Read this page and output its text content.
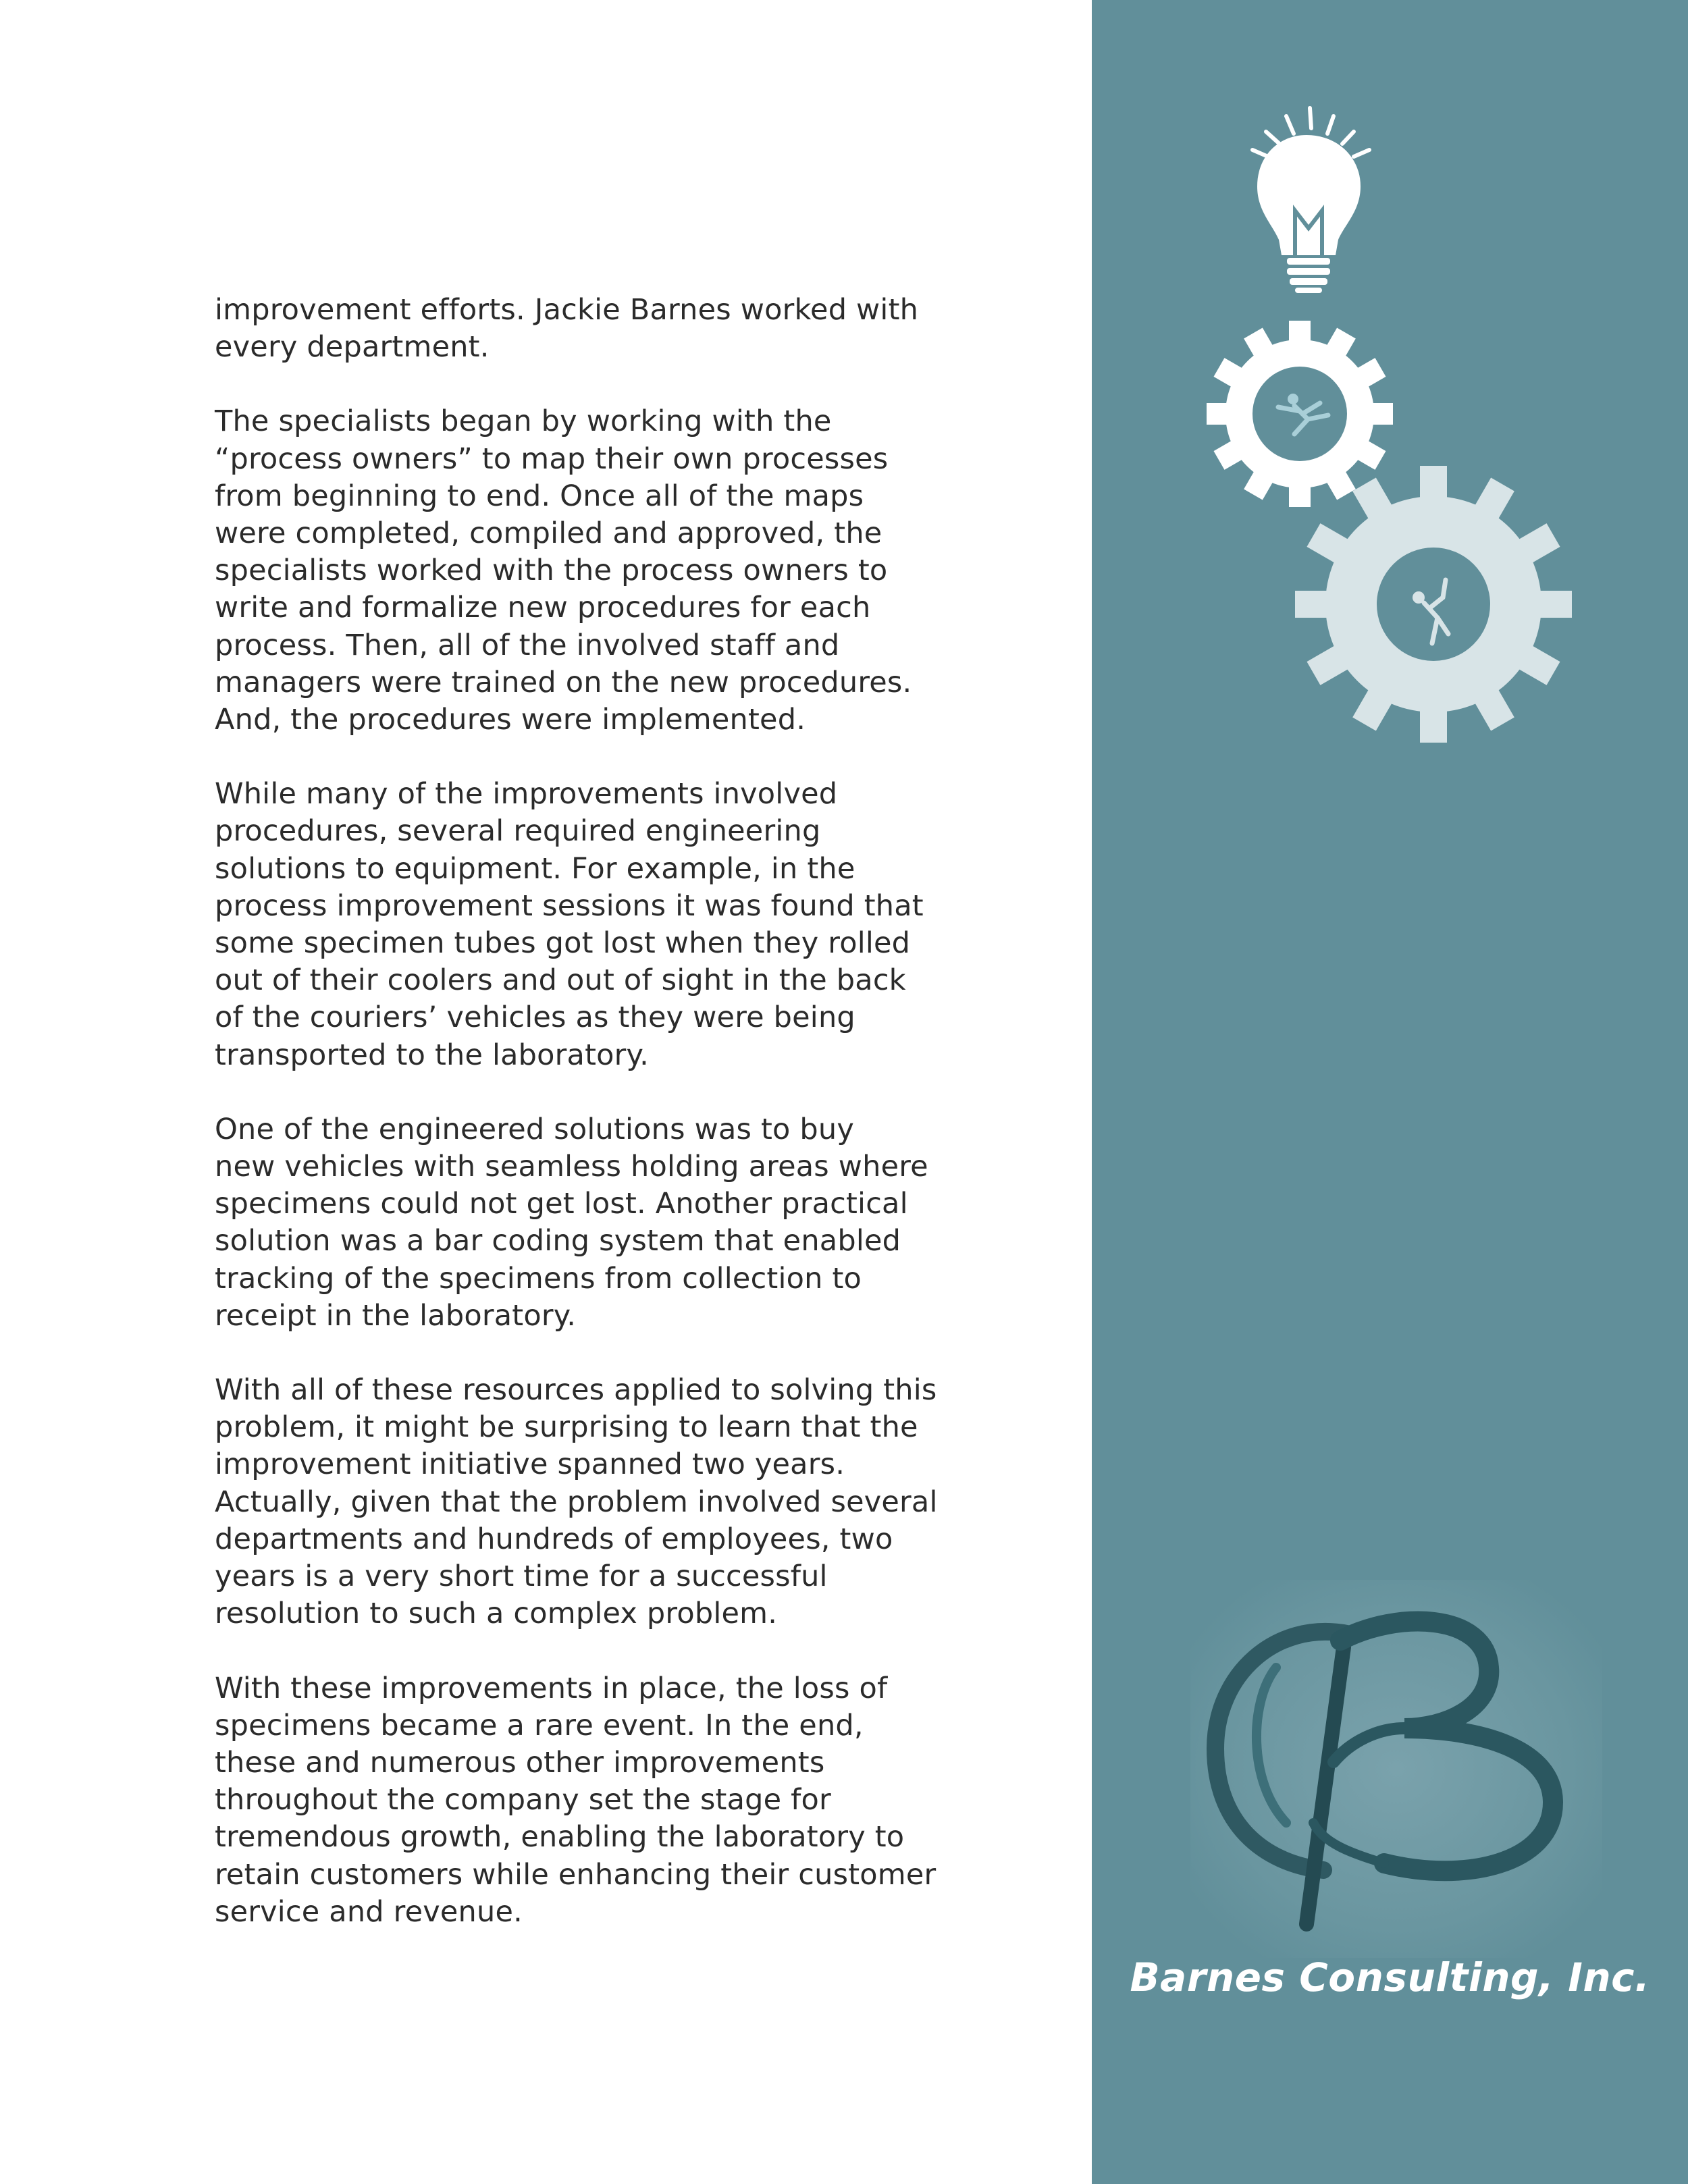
improvement efforts. Jackie Barnes worked with
every department.

The specialists began by working with the
“process owners” to map their own processes
from beginning to end. Once all of the maps
were completed, compiled and approved, the
specialists worked with the process owners to
write and formalize new procedures for each
process. Then, all of the involved staff and
managers were trained on the new procedures.
And, the procedures were implemented.

While many of the improvements involved
procedures, several required engineering
solutions to equipment. For example, in the
process improvement sessions it was found that
some specimen tubes got lost when they rolled
out of their coolers and out of sight in the back
of the couriers’ vehicles as they were being
transported to the laboratory.

One of the engineered solutions was to buy
new vehicles with seamless holding areas where
specimens could not get lost. Another practical
solution was a bar coding system that enabled
tracking of the specimens from collection to
receipt in the laboratory.

With all of these resources applied to solving this
problem, it might be surprising to learn that the
improvement initiative spanned two years.
Actually, given that the problem involved several
departments and hundreds of employees, two
years is a very short time for a successful
resolution to such a complex problem.

With these improvements in place, the loss of
specimens became a rare event. In the end,
these and numerous other improvements
throughout the company set the stage for
tremendous growth, enabling the laboratory to
retain customers while enhancing their customer
service and revenue.

Barnes Consulting, Inc.
